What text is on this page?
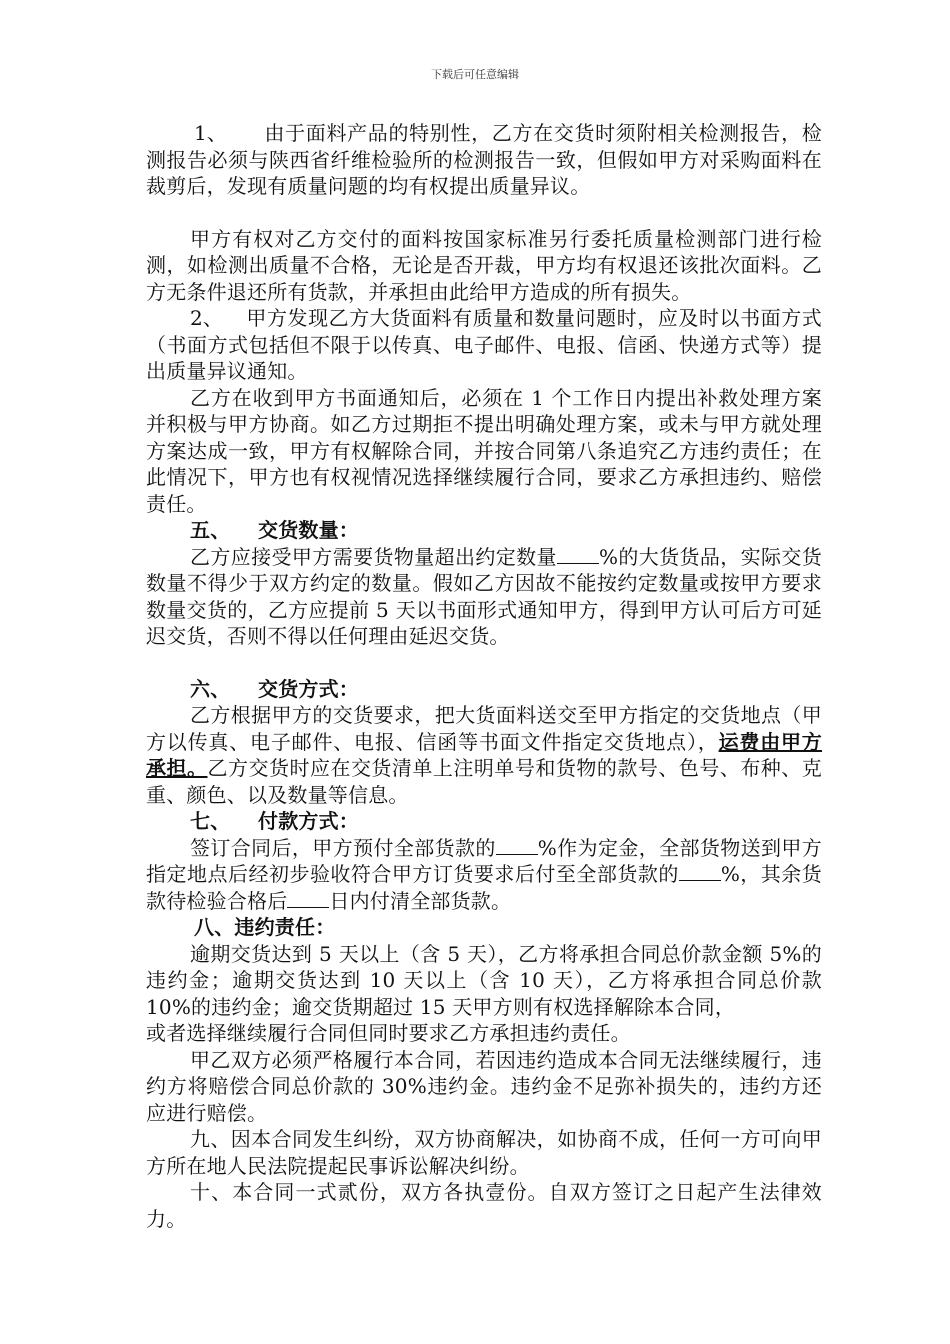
下载后可任意编辑

1、 由于面料产品的特别性，乙方在交货时须附相关检测报告，检测报告必须与陕西省纤维检验所的检测报告一致，但假如甲方对采购面料在裁剪后，发现有质量问题的均有权提出质量异议。

甲方有权对乙方交付的面料按国家标准另行委托质量检测部门进行检测，如检测出质量不合格，无论是否开裁，甲方均有权退还该批次面料。乙方无条件退还所有货款，并承担由此给甲方造成的所有损失。

2、 甲方发现乙方大货面料有质量和数量问题时，应及时以书面方式 （书面方式包括但不限于以传真、电子邮件、电报、信函、快递方式等）提出质量异议通知。

乙方在收到甲方书面通知后，必须在 1 个工作日内提出补救处理方案并积极与甲方协商。如乙方过期拒不提出明确处理方案，或未与甲方就处理方案达成一致，甲方有权解除合同，并按合同第八条追究乙方违约责任；在此情况下，甲方也有权视情况选择继续履行合同，要求乙方承担违约、赔偿责任。

五、 交货数量：

乙方应接受甲方需要货物量超出约定数量 %的大货货品，实际交货数量不得少于双方约定的数量。假如乙方因故不能按约定数量或按甲方要求数量交货的，乙方应提前 5 天以书面形式通知甲方，得到甲方认可后方可延迟交货，否则不得以任何理由延迟交货。

六、 交货方式：

乙方根据甲方的交货要求，把大货面料送交至甲方指定的交货地点（甲方以传真、电子邮件、电报、信函等书面文件指定交货地点），运费由甲方承担。乙方交货时应在交货清单上注明单号和货物的款号、色号、布种、克重、颜色、以及数量等信息。

七、 付款方式：

签订合同后，甲方预付全部货款的 %作为定金，全部货物送到甲方指定地点后经初步验收符合甲方订货要求后付至全部货款的 %，其余货款待检验合格后 日内付清全部货款。

八、违约责任：

逾期交货达到 5 天以上（含 5 天），乙方将承担合同总价款金额 5%的违约金；逾期交货达到 10 天以上（含 10 天），乙方将承担合同总价款 10%的违约金；逾交货期超过 15 天甲方则有权选择解除本合同，

或者选择继续履行合同但同时要求乙方承担违约责任。

甲乙双方必须严格履行本合同，若因违约造成本合同无法继续履行，违约方将赔偿合同总价款的 30%违约金。违约金不足弥补损失的，违约方还应进行赔偿。

九、因本合同发生纠纷，双方协商解决，如协商不成，任何一方可向甲方所在地人民法院提起民事诉讼解决纠纷。

十、本合同一式贰份，双方各执壹份。自双方签订之日起产生法律效力。
